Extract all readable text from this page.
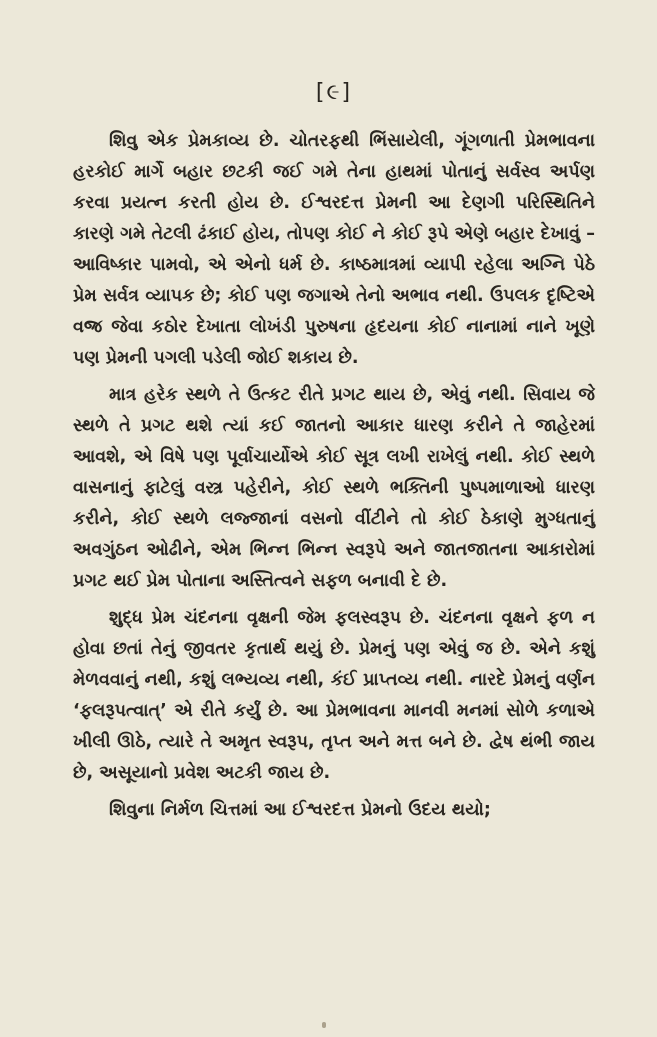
[૯]

શિવુ એક પ્રેમકાવ્ય છે. ચોતરફથી ભિંસાયેલી, ગૂંગળાતી પ્રેમભાવના હરકોઈ માર્ગે બહાર છટકી જઈ ગમે તેના હાથમાં પોતાનું સર્વસ્વ અર્પણ કરવા પ્રયત્ન કરતી હોય છે. ઈશ્વરદત્ત પ્રેમની આ દેણગી પરિસ્થિતિને કારણે ગમે તેટલી ઢંકાઈ હોય, તોપણ કોઈ ને કોઈ રૂપે એણે બહાર દેખાવું – આવિષ્કાર પામવો, એ એનો ધર્મ છે. કાષ્ઠમાત્રમાં વ્યાપી રહેલા અગ્નિ પેઠે પ્રેમ સર્વત્ર વ્યાપક છે; કોઈ પણ જગાએ તેનો અભાવ નથી. ઉપલક દૃષ્ટિએ વજ્ર જેવા કઠોર દેખાતા લોખંડી પુરુષના હૃદયના કોઈ નાનામાં નાને ખૂણે પણ પ્રેમની પગલી પડેલી જોઈ શકાય છે.

માત્ર હરેક સ્થળે તે ઉત્કટ રીતે પ્રગટ થાય છે, એવું નથી. સિવાય જે સ્થળે તે પ્રગટ થશે ત્યાં કઈ જાતનો આકાર ધારણ કરીને તે જાહેરમાં આવશે, એ વિષે પણ પૂર્વાચાર્યોએ કોઈ સૂત્ર લખી રાખેલું નથી. કોઈ સ્થળે વાસનાનું ફાટેલું વસ્ત્ર પહેરીને, કોઈ સ્થળે ભક્તિની પુષ્પમાળાઓ ધારણ કરીને, કોઈ સ્થળે લજ્જાનાં વસનો વીંટીને તો કોઈ ઠેકાણે મુગ્ધતાનું અવગુંઠન ઓઢીને, એમ ભિન્ન ભિન્ન સ્વરૂપે અને જાતજાતના આકારોમાં પ્રગટ થઈ પ્રેમ પોતાના અસ્તિત્વને સફળ બનાવી દે છે.

શુદ્ધ પ્રેમ ચંદનના વૃક્ષની જેમ ફલસ્વરૂપ છે. ચંદનના વૃક્ષને ફળ ન હોવા છતાં તેનું જીવતર કૃતાર્થ થયું છે. પ્રેમનું પણ એવું જ છે. એને કશું મેળવવાનું નથી, કશું લભ્યવ્ય નથી, કંઈ પ્રાપ્તવ્ય નથી. નારદે પ્રેમનું વર્ણન ‘ફલરૂપત્વાત્’ એ રીતે કર્યું છે. આ પ્રેમભાવના માનવી મનમાં સોળે કળાએ ખીલી ઊઠે, ત્યારે તે અમૃત સ્વરૂપ, તૃપ્ત અને મત્ત બને છે. દ્વેષ થંભી જાય છે, અસૂયાનો પ્રવેશ અટકી જાય છે.

શિવુના નિર્મળ ચિત્તમાં આ ઈશ્વરદત્ત પ્રેમનો ઉદય થયો;
